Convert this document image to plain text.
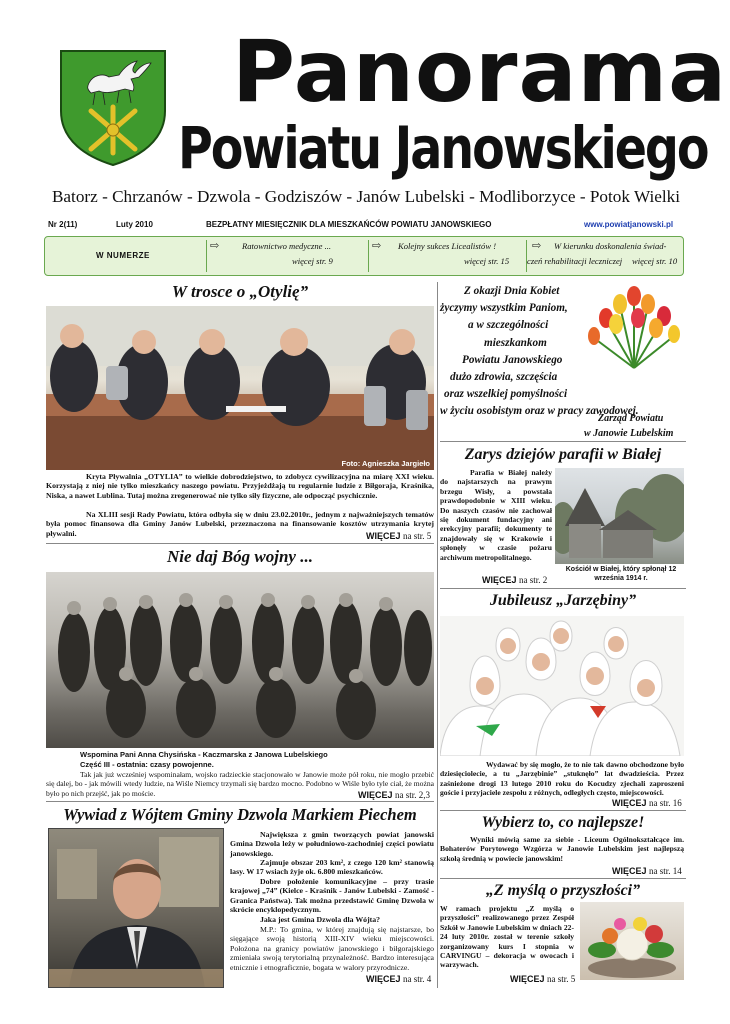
Panorama
Powiatu Janowskiego
Batorz - Chrzanów - Dzwola - Godziszów - Janów Lubelski - Modliborzyce - Potok Wielki
Nr 2(11)	Luty 2010	BEZPŁATNY MIESIĘCZNIK DLA MIESZKAŃCÓW POWIATU JANOWSKIEGO	www.powiatjanowski.pl
W NUMERZE
⇨	Ratownictwo medyczne ...
więcej str. 9
⇨ Kolejny sukces Licealistów !
więcej str. 15
⇨ W kierunku doskonalenia świad-
czeń rehabilitacji leczniczej więcej str. 10
W trosce o „Otylię”
Foto: Agnieszka Jargieło
Kryta Pływalnia „OTYLIA” to wielkie dobrodziejstwo, to zdobycz cywilizacyjna na miarę XXI wieku. Korzystają z niej nie tylko mieszkańcy naszego powiatu. Przyjeżdżają tu regularnie ludzie z Biłgoraja, Kraśnika, Niska, a nawet Lublina. Tutaj można zregenerować nie tylko siły fizyczne, ale odpocząć psychicznie.
Na XLIII sesji Rady Powiatu, która odbyła się w dniu 23.02.2010r., jednym z najważniejszych tematów była pomoc finansowa dla Gminy Janów Lubelski, przeznaczona na finansowanie kosztów utrzymania krytej pływalni.	WIĘCEJ na str. 5
Nie daj Bóg wojny ...
Wspomina Pani Anna Chysińska - Kaczmarska z Janowa Lubelskiego
Część III - ostatnia: czasy powojenne.
Tak jak już wcześniej wspominałam, wojsko radzieckie stacjonowało w Janowie może pół roku, nie mogło przebić się dalej, bo - jak mówili wtedy ludzie, na Wiśle Niemcy trzymali się bardzo mocno. Podobno w Wiśle było tyle ciał, że można było po nich przejść, jak po moście.	WIĘCEJ na str. 2,3
Wywiad z Wójtem Gminy Dzwola Markiem Piechem
Największa z gmin tworzących powiat janowski Gmina Dzwola leży w południowo-zachodniej części powiatu janowskiego.
Zajmuje obszar 203 km², z czego 120 km² stanowią lasy. W 17 wsiach żyje ok. 6.800 mieszkańców.
Dobre położenie komunikacyjne – przy trasie krajowej „74” (Kielce - Kraśnik - Janów Lubelski - Zamość - Granica Państwa). Tak można przedstawić Gminę Dzwola w skrócie encyklopedycznym.
Jaka jest Gmina Dzwola dla Wójta?
M.P.: To gmina, w której znajdują się najstarsze, bo sięgające swoją historią XIII-XIV wieku miejscowości. Położona na granicy powiatów janowskiego i biłgorajskiego zmieniała swoją terytorialną przynależność. Bardzo interesująca etnicznie i etnograficznie, bogata w walory przyrodnicze.
WIĘCEJ na str. 4
Z okazji Dnia Kobiet
życzymy wszystkim Paniom,
a w szczególności
mieszkankom
Powiatu Janowskiego
dużo zdrowia, szczęścia
oraz wszelkiej pomyślności
w życiu osobistym oraz w pracy zawodowej.
Zarząd Powiatu
w Janowie Lubelskim
Zarys dziejów parafii w Białej
Parafia w Białej należy do najstarszych na prawym brzegu Wisły, a powstała prawdopodobnie w XIII wieku. Do naszych czasów nie zachował się dokument fundacyjny ani erekcyjny parafii; dokumenty te znajdowały się w Krakowie i spłonęły w czasie pożaru archiwum metropolitalnego.
Kościół w Białej, który spłonął 12 września 1914 r.
WIĘCEJ na str. 2
Jubileusz „Jarzębiny”
Wydawać by się mogło, że to nie tak dawno obchodzone było dziesięciolecie, a tu „Jarzębinie” „stuknęło” lat dwadzieścia. Przez zaśnieżone drogi 13 lutego 2010 roku do Kocudzy zjechali zaproszeni goście i przyjaciele zespołu z różnych, odległych często, miejscowości.
WIĘCEJ na str. 16
Wybierz to, co najlepsze!
Wyniki mówią same za siebie - Liceum Ogólnokształcące im. Bohaterów Porytowego Wzgórza w Janowie Lubelskim jest najlepszą szkołą średnią w powiecie janowskim!
WIĘCEJ na str. 14
„Z myślą o przyszłości”
W ramach projektu „Z myślą o przyszłości” realizowanego przez Zespół Szkół w Janowie Lubelskim w dniach 22-24 luty 2010r. został w terenie szkoły zorganizowany kurs I stopnia w CARVINGU – dekoracja w owocach i warzywach.
WIĘCEJ na str. 5
